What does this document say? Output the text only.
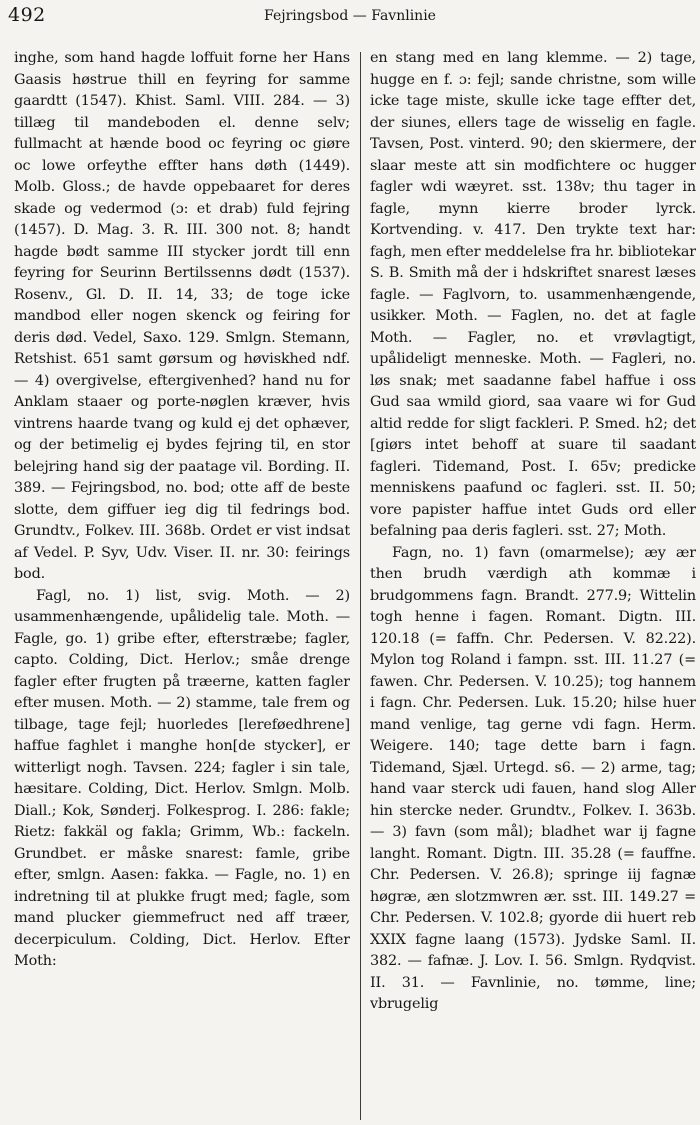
492	Fejringsbod — Favnlinie

inghe, som hand hagde loffuit forne her Hans Gaasis høstrue thill en feyring for samme gaardtt (1547). Khist. Saml. VIII. 284. — 3) tillæg til mandeboden el. denne selv; fullmacht at hænde bood oc feyring oc giøre oc lowe orfeythe effter hans døth (1449). Molb. Gloss.; de havde oppebaaret for deres skade og vedermod (ɔ: et drab) fuld fejring (1457). D. Mag. 3. R. III. 300 not. 8; handt hagde bødt samme III stycker jordt till enn feyring for Seurinn Bertilssenns dødt (1537). Rosenv., Gl. D. II. 14, 33; de toge icke mandbod eller nogen skenck og feiring for deris død. Vedel, Saxo. 129. Smlgn. Stemann, Retshist. 651 samt gørsum og høviskhed ndf. — 4) overgivelse, eftergivenhed? hand nu for Anklam staaer og porte-nøglen kræver, hvis vintrens haarde tvang og kuld ej det ophæver, og der betimelig ej bydes fejring til, en stor belejring hand sig der paatage vil. Bording. II. 389. — Fejringsbod, no. bod; otte aff de beste slotte, dem giffuer ieg dig til fedrings bod. Grundtv., Folkev. III. 368b. Ordet er vist indsat af Vedel. P. Syv, Udv. Viser. II. nr. 30: feirings bod.

Fagl, no. 1) list, svig. Moth. — 2) usammenhængende, upålidelig tale. Moth. — Fagle, go. 1) gribe efter, efterstræbe; fagler, capto. Colding, Dict. Herlov.; småe drenge fagler efter frugten på træerne, katten fagler efter musen. Moth. — 2) stamme, tale frem og tilbage, tage fejl; huorledes [lereføedhrene] haffue faghlet i manghe hon[de stycker], er witterligt nogh. Tavsen. 224; fagler i sin tale, hæsitare. Colding, Dict. Herlov. Smlgn. Molb. Diall.; Kok, Sønderj. Folkesprog. I. 286: fakle; Rietz: fakkäl og fakla; Grimm, Wb.: fackeln. Grundbet. er måske snarest: famle, gribe efter, smlgn. Aasen: fakka. — Fagle, no. 1) en indretning til at plukke frugt med; fagle, som mand plucker giemmefruct ned aff træer, decerpiculum. Colding, Dict. Herlov. Efter Moth:

en stang med en lang klemme. — 2) tage, hugge en f. ɔ: fejl; sande christne, som wille icke tage miste, skulle icke tage effter det, der siunes, ellers tage de wisselig en fagle. Tavsen, Post. vinterd. 90; den skiermere, der slaar meste att sin modfichtere oc hugger fagler wdi wæyret. sst. 138v; thu tager in fagle, mynn kierre broder lyrck. Kortvending. v. 417. Den trykte text har: fagh, men efter meddelelse fra hr. bibliotekar S. B. Smith må der i hdskriftet snarest læses fagle. — Faglvorn, to. usammenhængende, usikker. Moth. — Faglen, no. det at fagle Moth. — Fagler, no. et vrøvlagtigt, upålideligt menneske. Moth. — Fagleri, no. løs snak; met saadanne fabel haffue i oss Gud saa wmild giord, saa vaare wi for Gud altid redde for sligt fackleri. P. Smed. h2; det [giørs intet behoff at suare til saadant fagleri. Tidemand, Post. I. 65v; predicke menniskens paafund oc fagleri. sst. II. 50; vore papister haffue intet Guds ord eller befalning paa deris fagleri. sst. 27; Moth.

Fagn, no. 1) favn (omarmelse); æy ær then brudh værdigh ath kommæ i brudgommens fagn. Brandt. 277.9; Wittelin togh henne i fagen. Romant. Digtn. III. 120.18 (= faffn. Chr. Pedersen. V. 82.22). Mylon tog Roland i fampn. sst. III. 11.27 (= fawen. Chr. Pedersen. V. 10.25); tog hannem i fagn. Chr. Pedersen. Luk. 15.20; hilse huer mand venlige, tag gerne vdi fagn. Herm. Weigere. 140; tage dette barn i fagn. Tidemand, Sjæl. Urtegd. s6. — 2) arme, tag; hand vaar sterck udi fauen, hand slog Aller hin stercke neder. Grundtv., Folkev. I. 363b. — 3) favn (som mål); bladhet war ij fagne langht. Romant. Digtn. III. 35.28 (= fauffne. Chr. Pedersen. V. 26.8); springe iij fagnæ høgræ, æn slotzmwren ær. sst. III. 149.27 = Chr. Pedersen. V. 102.8; gyorde dii huert reb XXIX fagne laang (1573). Jydske Saml. II. 382. — fafnæ. J. Lov. I. 56. Smlgn. Rydqvist. II. 31. — Favnlinie, no. tømme, line; vbrugelig
